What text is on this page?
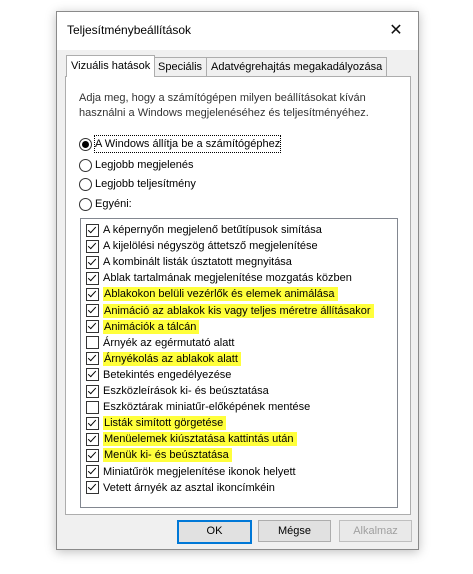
Teljesítménybeállítások	✕
Vizuális hatások Speciális Adatvégrehajtás megakadályozása
Adja meg, hogy a számítógépen milyen beállításokat kíván használni a Windows megjelenéséhez és teljesítményéhez.
A Windows állítja be a számítógéphez
Legjobb megjelenés
Legjobb teljesítmény
Egyéni:
A képernyőn megjelenő betűtípusok simítása
A kijelölési négyszög áttetsző megjelenítése
A kombinált listák úsztatott megnyitása
Ablak tartalmának megjelenítése mozgatás közben
Ablakokon belüli vezérlők és elemek animálása
Animáció az ablakok kis vagy teljes méretre állításakor
Animációk a tálcán
Árnyék az egérmutató alatt
Árnyékolás az ablakok alatt
Betekintés engedélyezése
Eszközleírások ki- és beúsztatása
Eszköztárak miniatűr-előképének mentése
Listák simított görgetése
Menüelemek kiúsztatása kattintás után
Menük ki- és beúsztatása
Miniatűrök megjelenítése ikonok helyett
Vetett árnyék az asztal ikoncímkéin
OK	Mégse	Alkalmaz
